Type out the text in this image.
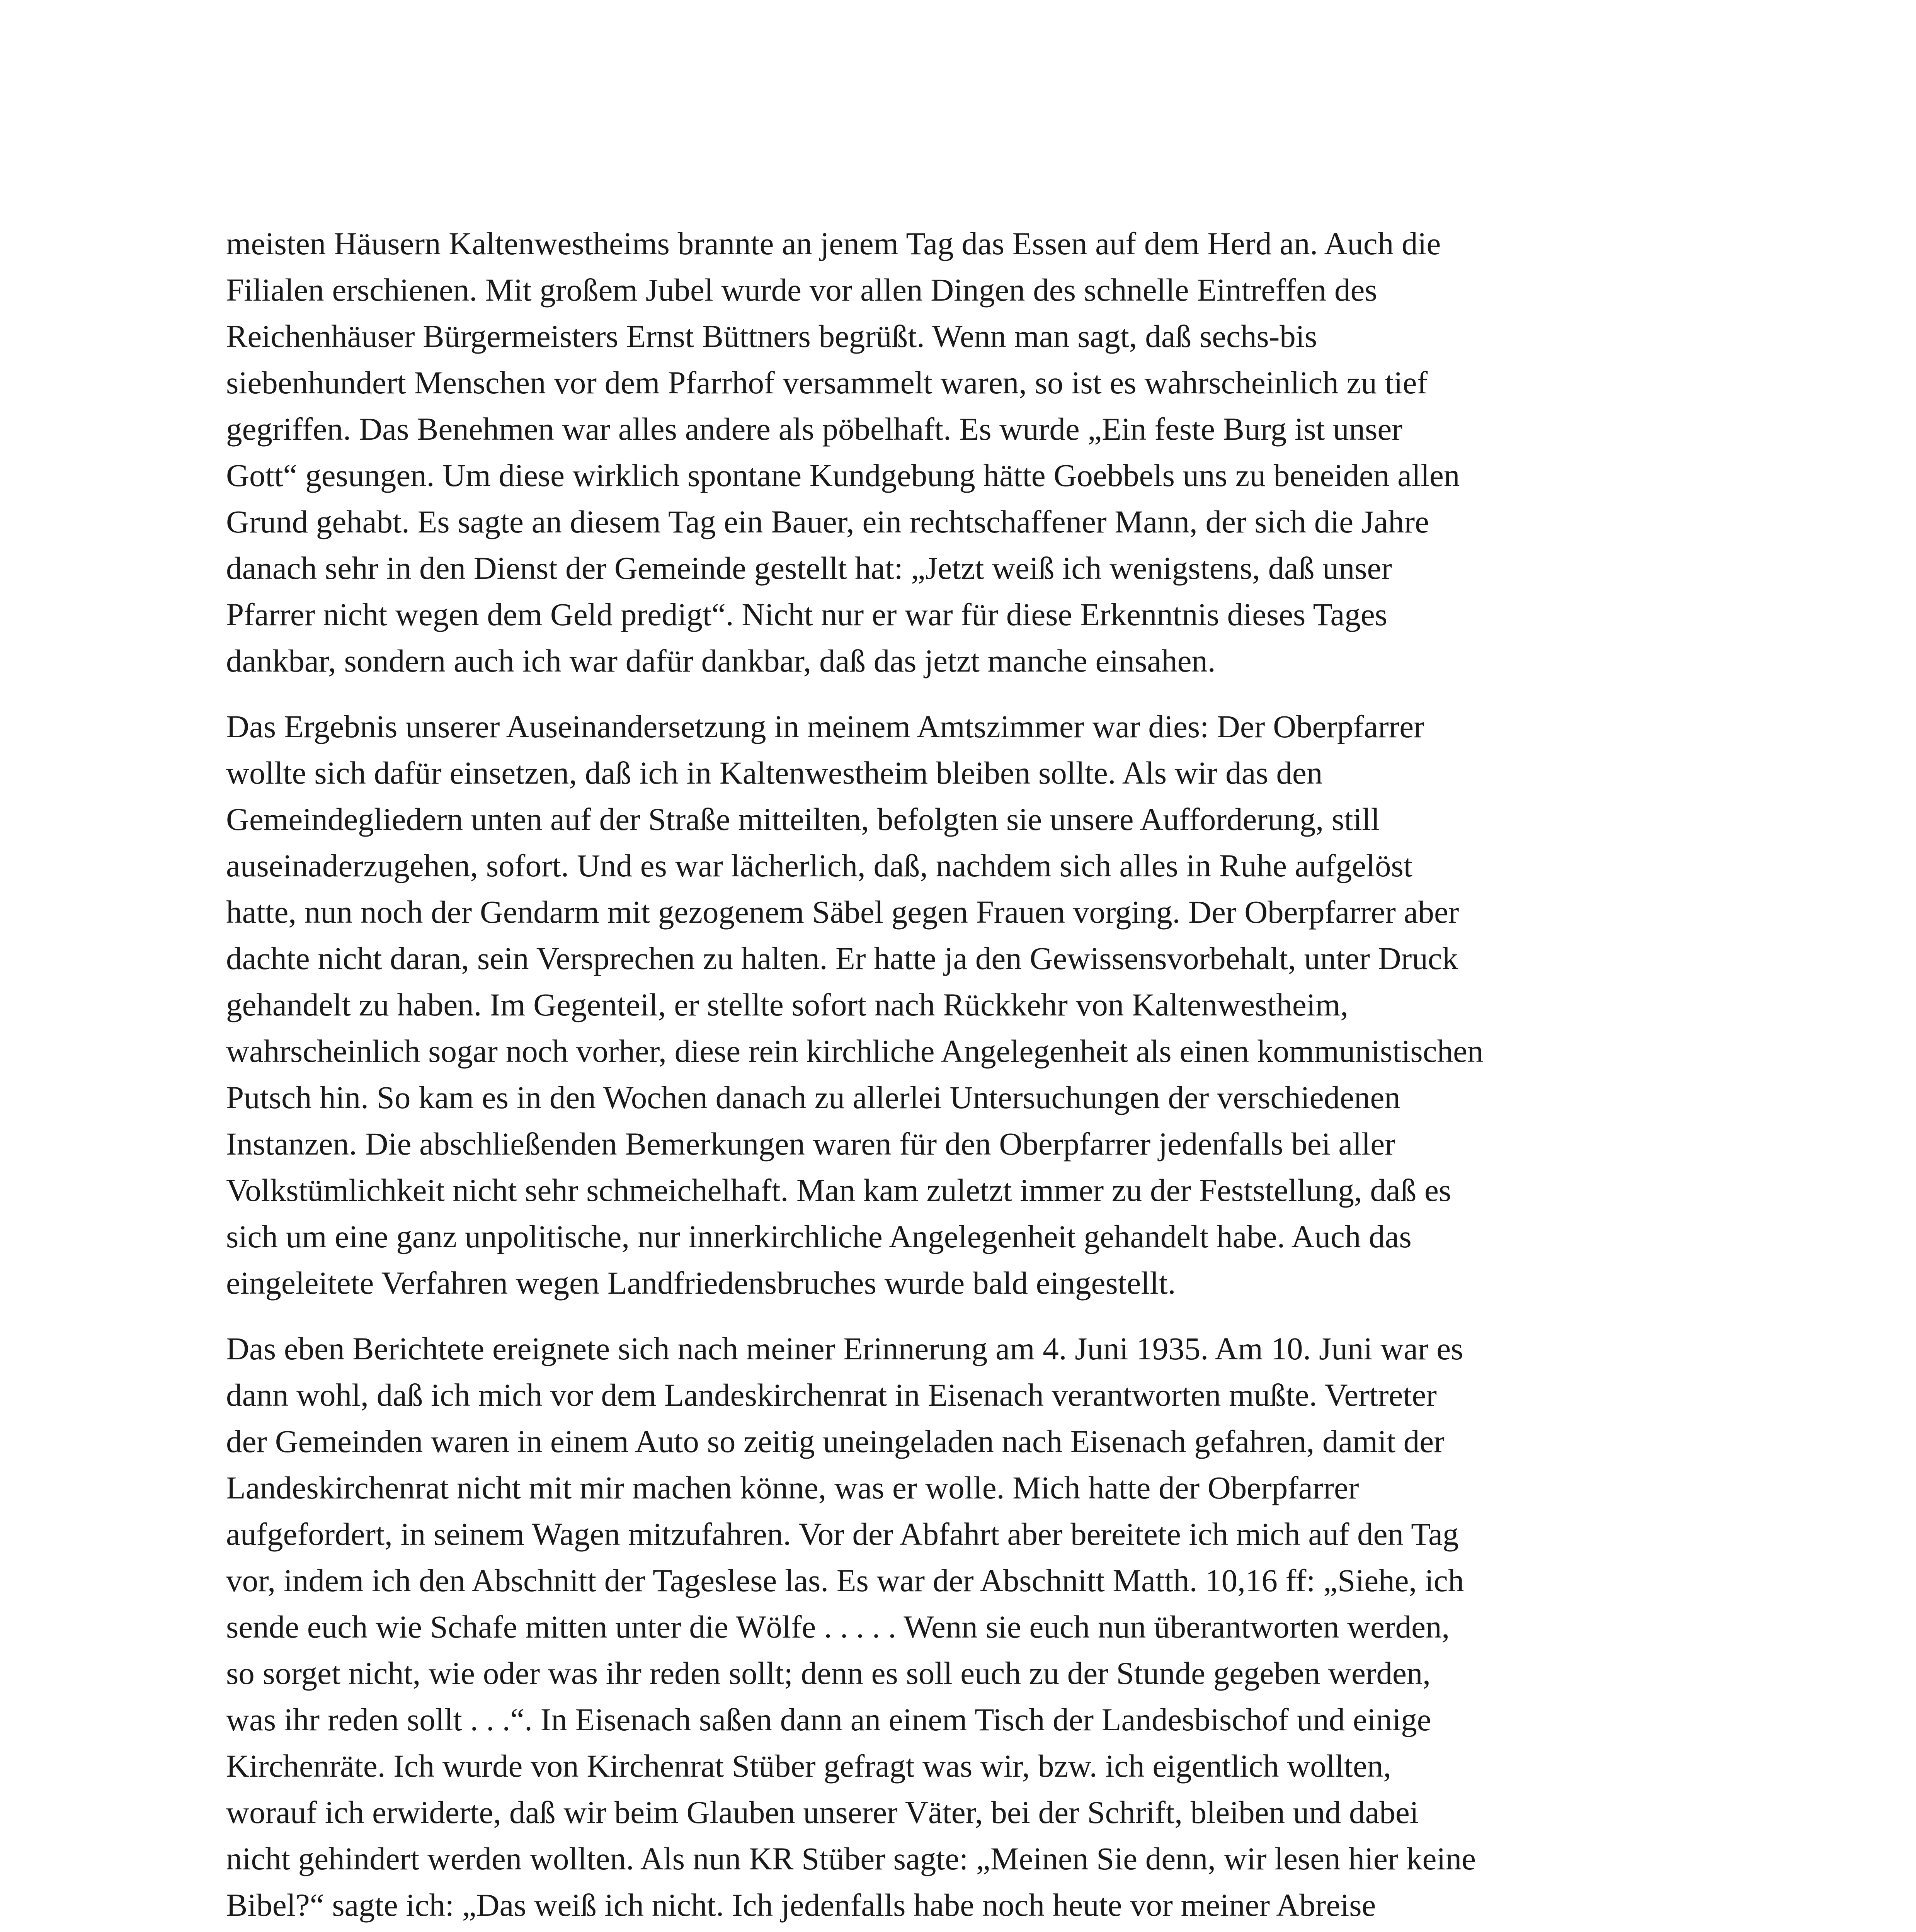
meisten Häusern Kaltenwestheims brannte an jenem Tag das Essen auf dem Herd an. Auch die
Filialen erschienen. Mit großem Jubel wurde vor allen Dingen des schnelle Eintreffen des
Reichenhäuser Bürgermeisters Ernst Büttners begrüßt. Wenn man sagt, daß sechs-bis
siebenhundert Menschen vor dem Pfarrhof versammelt waren, so ist es wahrscheinlich zu tief
gegriffen. Das Benehmen war alles andere als pöbelhaft. Es wurde „Ein feste Burg ist unser
Gott“ gesungen. Um diese wirklich spontane Kundgebung hätte Goebbels uns zu beneiden allen
Grund gehabt. Es sagte an diesem Tag ein Bauer, ein rechtschaffener Mann, der sich die Jahre
danach sehr in den Dienst der Gemeinde gestellt hat: „Jetzt weiß ich wenigstens, daß unser
Pfarrer nicht wegen dem Geld predigt“. Nicht nur er war für diese Erkenntnis dieses Tages
dankbar, sondern auch ich war dafür dankbar, daß das jetzt manche einsahen.

Das Ergebnis unserer Auseinandersetzung in meinem Amtszimmer war dies: Der Oberpfarrer
wollte sich dafür einsetzen, daß ich in Kaltenwestheim bleiben sollte. Als wir das den
Gemeindegliedern unten auf der Straße mitteilten, befolgten sie unsere Aufforderung, still
auseinaderzugehen, sofort. Und es war lächerlich, daß, nachdem sich alles in Ruhe aufgelöst
hatte, nun noch der Gendarm mit gezogenem Säbel gegen Frauen vorging. Der Oberpfarrer aber
dachte nicht daran, sein Versprechen zu halten. Er hatte ja den Gewissensvorbehalt, unter Druck
gehandelt zu haben. Im Gegenteil, er stellte sofort nach Rückkehr von Kaltenwestheim,
wahrscheinlich sogar noch vorher, diese rein kirchliche Angelegenheit als einen kommunistischen
Putsch hin. So kam es in den Wochen danach zu allerlei Untersuchungen der verschiedenen
Instanzen. Die abschließenden Bemerkungen waren für den Oberpfarrer jedenfalls bei aller
Volkstümlichkeit nicht sehr schmeichelhaft. Man kam zuletzt immer zu der Feststellung, daß es
sich um eine ganz unpolitische, nur innerkirchliche Angelegenheit gehandelt habe. Auch das
eingeleitete Verfahren wegen Landfriedensbruches wurde bald eingestellt.

Das eben Berichtete ereignete sich nach meiner Erinnerung am 4. Juni 1935. Am 10. Juni war es
dann wohl, daß ich mich vor dem Landeskirchenrat in Eisenach verantworten mußte. Vertreter
der Gemeinden waren in einem Auto so zeitig uneingeladen nach Eisenach gefahren, damit der
Landeskirchenrat nicht mit mir machen könne, was er wolle. Mich hatte der Oberpfarrer
aufgefordert, in seinem Wagen mitzufahren. Vor der Abfahrt aber bereitete ich mich auf den Tag
vor, indem ich den Abschnitt der Tageslese las. Es war der Abschnitt Matth. 10,16 ff: „Siehe, ich
sende euch wie Schafe mitten unter die Wölfe . . . . . Wenn sie euch nun überantworten werden,
so sorget nicht, wie oder was ihr reden sollt; denn es soll euch zu der Stunde gegeben werden,
was ihr reden sollt . . .“. In Eisenach saßen dann an einem Tisch der Landesbischof und einige
Kirchenräte. Ich wurde von Kirchenrat Stüber gefragt was wir, bzw. ich eigentlich wollten,
worauf ich erwiderte, daß wir beim Glauben unserer Väter, bei der Schrift, bleiben und dabei
nicht gehindert werden wollten. Als nun KR Stüber sagte: „Meinen Sie denn, wir lesen hier keine
Bibel?“ sagte ich: „Das weiß ich nicht. Ich jedenfalls habe noch heute vor meiner Abreise
